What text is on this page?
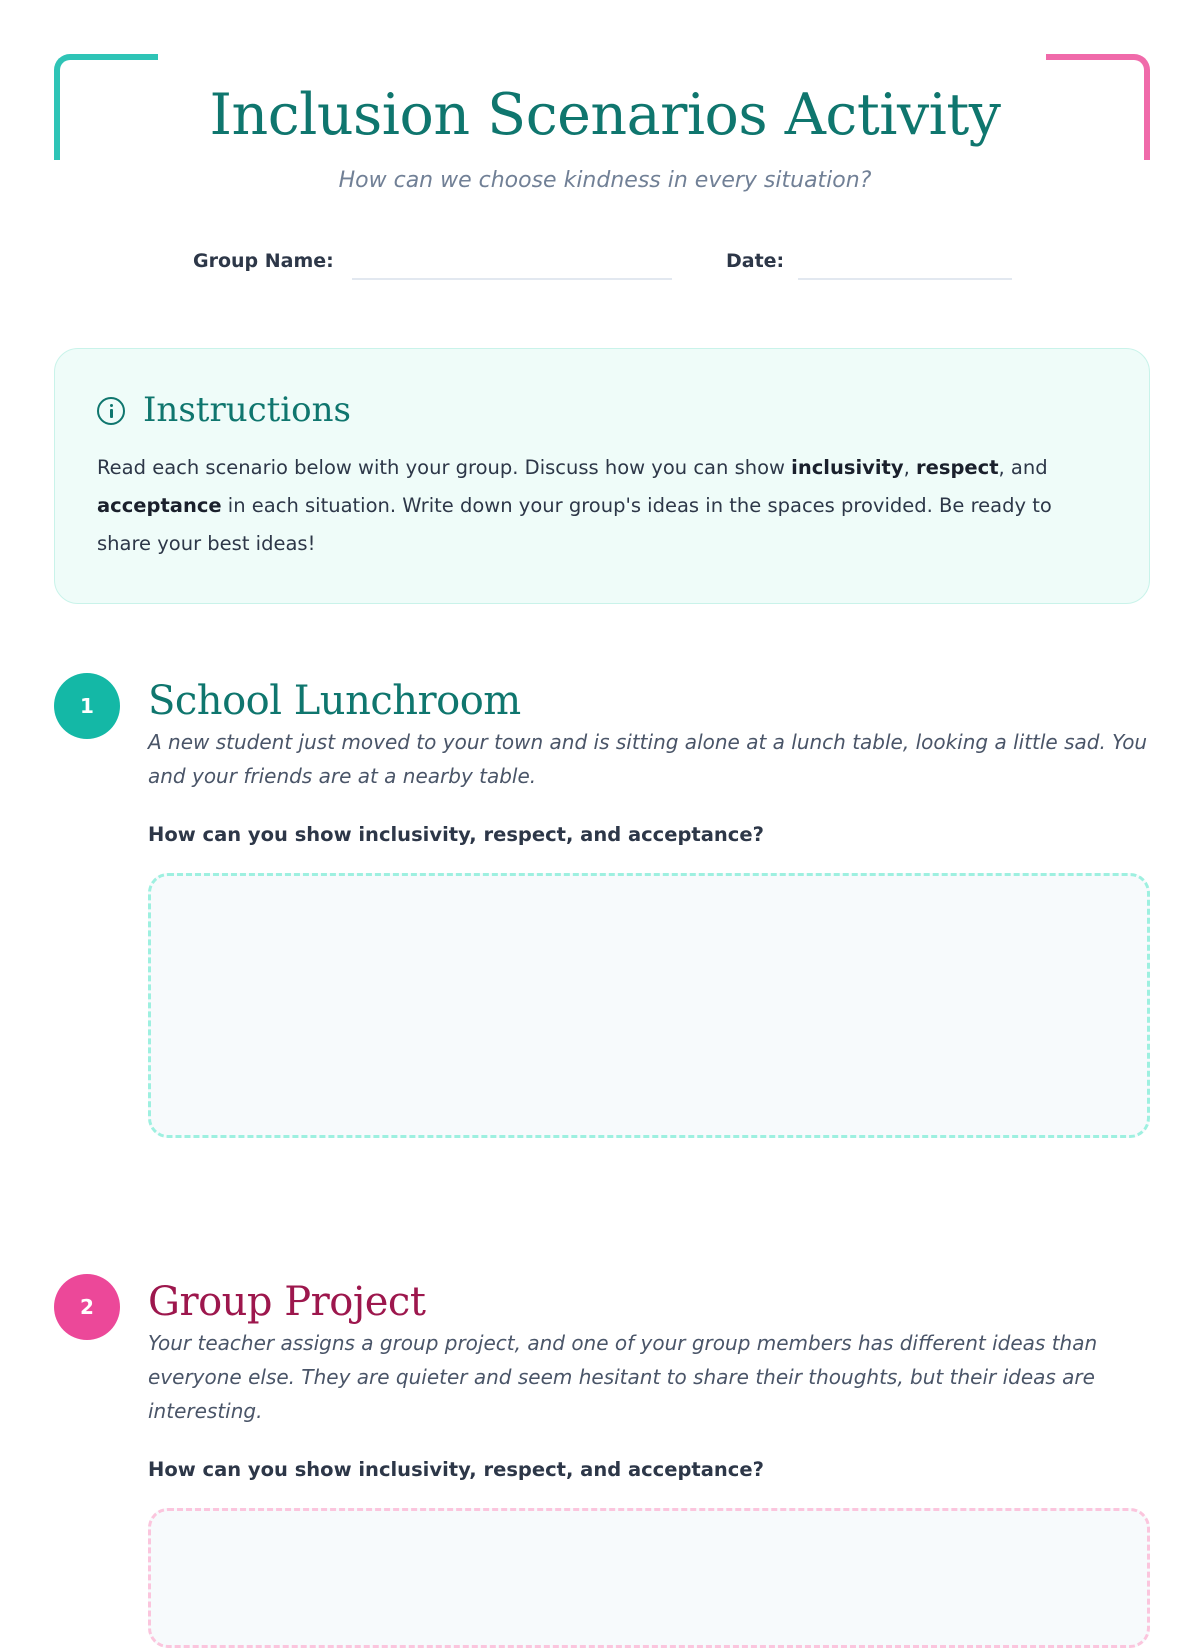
Inclusion Scenarios Activity
How can we choose kindness in every situation?
Group Name:	Date:
Instructions
Read each scenario below with your group. Discuss how you can show inclusivity, respect, and acceptance in each situation. Write down your group's ideas in the spaces provided. Be ready to share your best ideas!
1	School Lunchroom
A new student just moved to your town and is sitting alone at a lunch table, looking a little sad. You and your friends are at a nearby table.
How can you show inclusivity, respect, and acceptance?
2	Group Project
Your teacher assigns a group project, and one of your group members has different ideas than everyone else. They are quieter and seem hesitant to share their thoughts, but their ideas are interesting.
How can you show inclusivity, respect, and acceptance?
